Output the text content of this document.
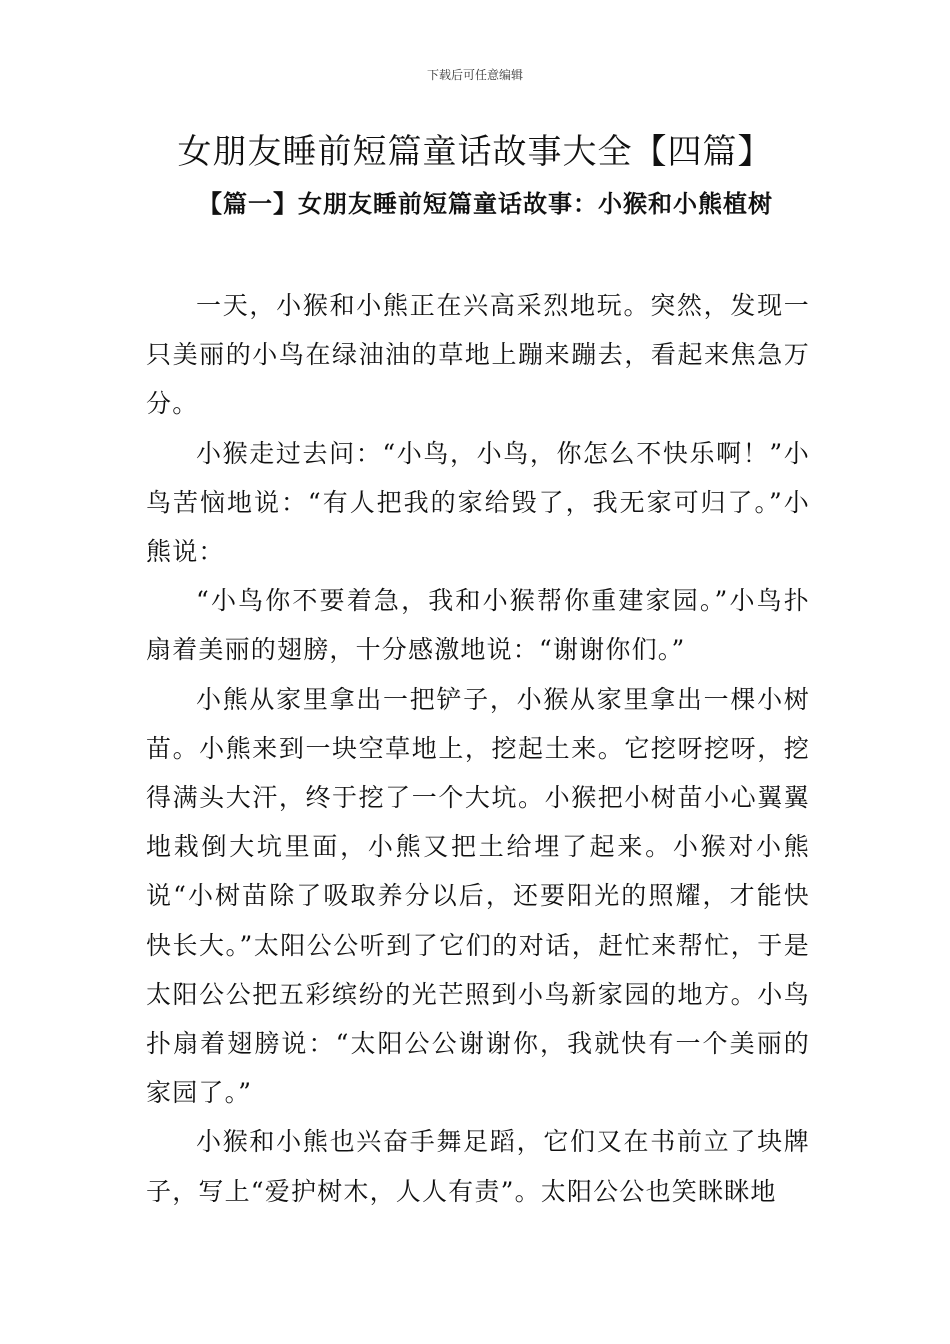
下载后可任意编辑
女朋友睡前短篇童话故事大全【四篇】
【篇一】女朋友睡前短篇童话故事：小猴和小熊植树

一天，小猴和小熊正在兴高采烈地玩。突然，发现一只美丽的小鸟在绿油油的草地上蹦来蹦去，看起来焦急万分。

小猴走过去问：“小鸟，小鸟，你怎么不快乐啊！”小鸟苦恼地说：“有人把我的家给毁了，我无家可归了。”小熊说：

“小鸟你不要着急，我和小猴帮你重建家园。”小鸟扑扇着美丽的翅膀，十分感激地说：“谢谢你们。”

小熊从家里拿出一把铲子，小猴从家里拿出一棵小树苗。小熊来到一块空草地上，挖起土来。它挖呀挖呀，挖得满头大汗，终于挖了一个大坑。小猴把小树苗小心翼翼地栽倒大坑里面，小熊又把土给埋了起来。小猴对小熊说“小树苗除了吸取养分以后，还要阳光的照耀，才能快快长大。”太阳公公听到了它们的对话，赶忙来帮忙，于是太阳公公把五彩缤纷的光芒照到小鸟新家园的地方。小鸟扑扇着翅膀说：“太阳公公谢谢你，我就快有一个美丽的家园了。”

小猴和小熊也兴奋手舞足蹈，它们又在书前立了块牌子，写上“爱护树木，人人有责”。太阳公公也笑眯眯地
